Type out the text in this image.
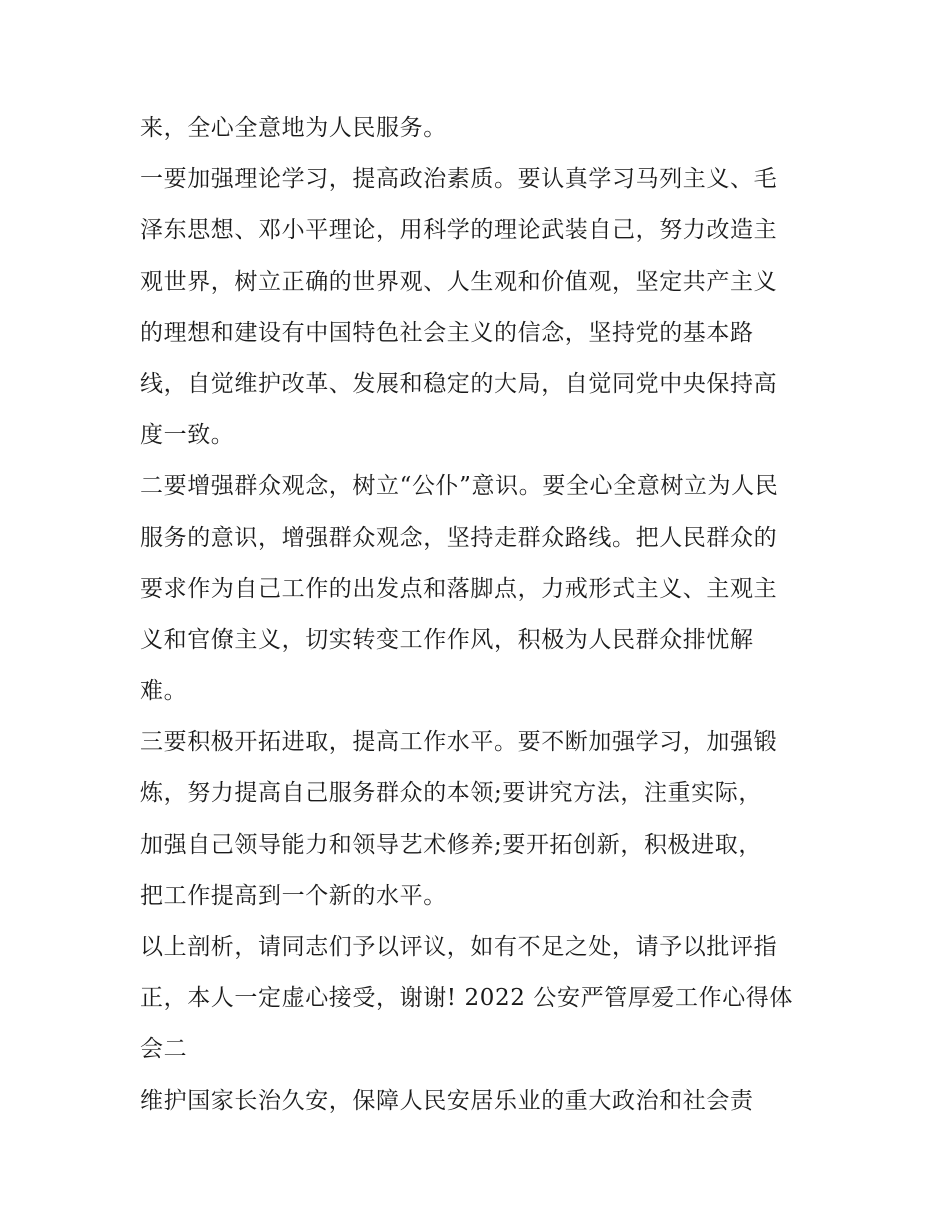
来，全心全意地为人民服务。
一要加强理论学习，提高政治素质。要认真学习马列主义、毛
泽东思想、邓小平理论，用科学的理论武装自己，努力改造主
观世界，树立正确的世界观、人生观和价值观，坚定共产主义
的理想和建设有中国特色社会主义的信念，坚持党的基本路
线，自觉维护改革、发展和稳定的大局，自觉同党中央保持高
度一致。
二要增强群众观念，树立“公仆”意识。要全心全意树立为人民
服务的意识，增强群众观念，坚持走群众路线。把人民群众的
要求作为自己工作的出发点和落脚点，力戒形式主义、主观主
义和官僚主义，切实转变工作作风，积极为人民群众排忧解
难。
三要积极开拓进取，提高工作水平。要不断加强学习，加强锻
炼，努力提高自己服务群众的本领;要讲究方法，注重实际，
加强自己领导能力和领导艺术修养;要开拓创新，积极进取，
把工作提高到一个新的水平。
以上剖析，请同志们予以评议，如有不足之处，请予以批评指
正，本人一定虚心接受，谢谢! 2022 公安严管厚爱工作心得体
会二
维护国家长治久安，保障人民安居乐业的重大政治和社会责
